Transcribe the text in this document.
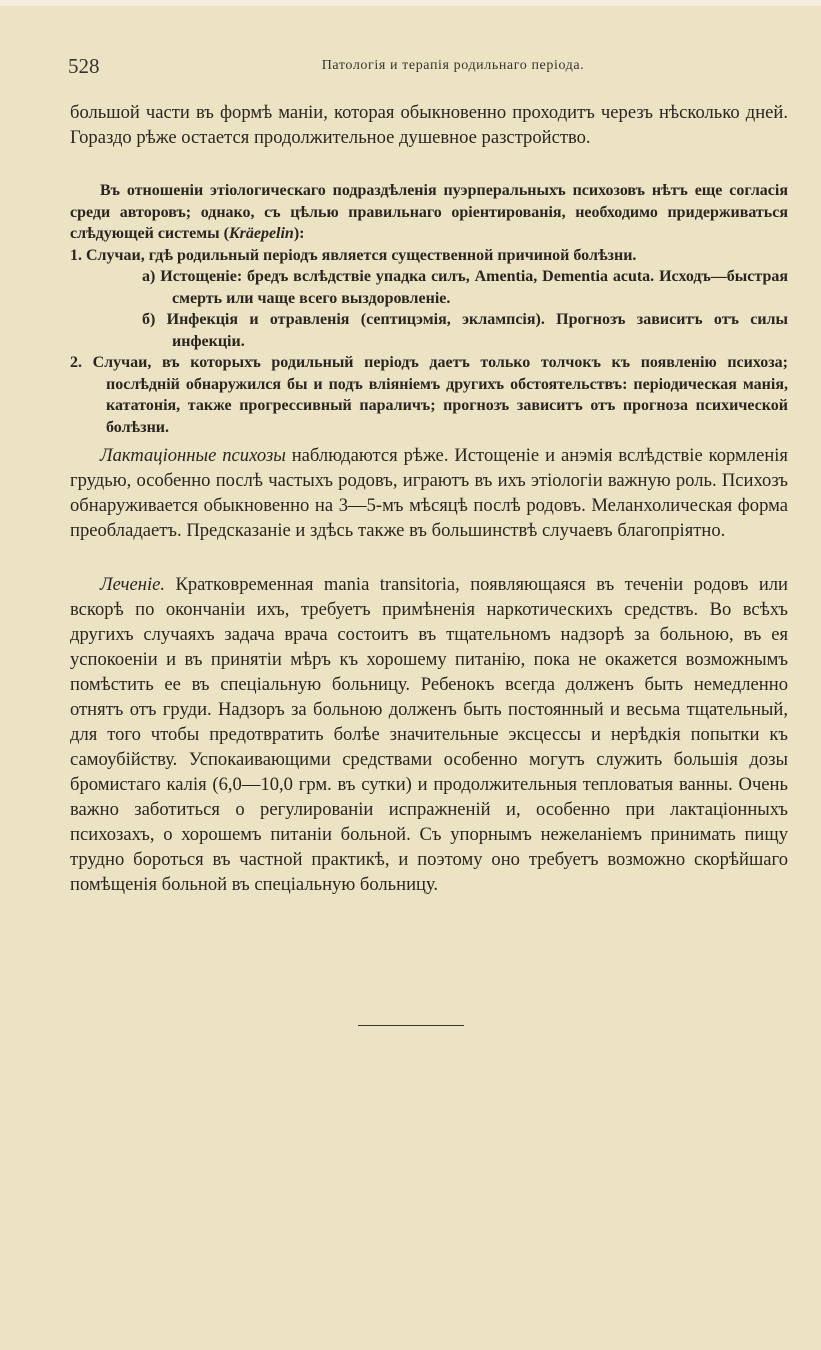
528	Патологія и терапія родильнаго періода.

большой части въ формѣ маніи, которая обыкновенно проходитъ черезъ нѣсколько дней. Гораздо рѣже остается продолжительное душевное разстройство.

Въ отношеніи этіологическаго подраздѣленія пуэрперальныхъ психозовъ нѣтъ еще согласія среди авторовъ; однако, съ цѣлью правильнаго оріентированія, необходимо придерживаться слѣдующей системы (Kräepelin):

1. Случаи, гдѣ родильный періодъ является существенной причиной болѣзни.

а) Истощеніе: бредъ вслѣдствіе упадка силъ, Amentia, Dementia acuta. Исходъ—быстрая смерть или чаще всего выздоровленіе.

б) Инфекція и отравленія (септицэмія, эклампсія). Прогнозъ зависитъ отъ силы инфекціи.

2. Случаи, въ которыхъ родильный періодъ даетъ только толчокъ къ появленію психоза; послѣдній обнаружился бы и подъ вліяніемъ другихъ обстоятельствъ: періодическая манія, кататонія, также прогрессивный параличъ; прогнозъ зависитъ отъ прогноза психической болѣзни.

Лактаціонные психозы наблюдаются рѣже. Истощеніе и анэмія вслѣдствіе кормленія грудью, особенно послѣ частыхъ родовъ, играютъ въ ихъ этіологіи важную роль. Психозъ обнаруживается обыкновенно на 3—5-мъ мѣсяцѣ послѣ родовъ. Меланхолическая форма преобладаетъ. Предсказаніе и здѣсь также въ большинствѣ случаевъ благопріятно.

Леченіе. Кратковременная mania transitoria, появляющаяся въ теченіи родовъ или вскорѣ по окончаніи ихъ, требуетъ примѣненія наркотическихъ средствъ. Во всѣхъ другихъ случаяхъ задача врача состоитъ въ тщательномъ надзорѣ за больною, въ ея успокоеніи и въ принятіи мѣръ къ хорошему питанію, пока не окажется возможнымъ помѣстить ее въ спеціальную больницу. Ребенокъ всегда долженъ быть немедленно отнятъ отъ груди. Надзоръ за больною долженъ быть постоянный и весьма тщательный, для того чтобы предотвратить болѣе значительные эксцессы и нерѣдкія попытки къ самоубійству. Успокаивающими средствами особенно могутъ служить большія дозы бромистаго калія (6,0—10,0 грм. въ сутки) и продолжительныя тепловатыя ванны. Очень важно заботиться о регулированіи испражненій и, особенно при лактаціонныхъ психозахъ, о хорошемъ питаніи больной. Съ упорнымъ нежеланіемъ принимать пищу трудно бороться въ частной практикѣ, и поэтому оно требуетъ возможно скорѣйшаго помѣщенія больной въ спеціальную больницу.
